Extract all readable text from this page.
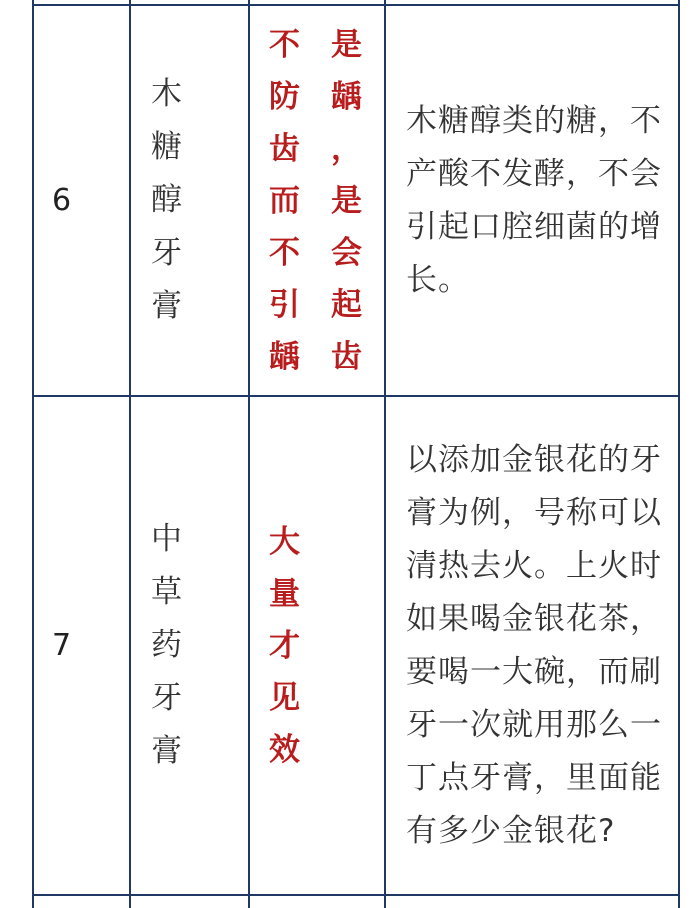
6
木糖醇牙膏
不是防龋齿，而是不会引起龋齿
木糖醇类的糖，不产酸不发酵，不会引起口腔细菌的增长。
7
中草药牙膏
大量才见效
以添加金银花的牙膏为例，号称可以清热去火。上火时如果喝金银花茶，要喝一大碗，而刷牙一次就用那么一丁点牙膏，里面能有多少金银花?
